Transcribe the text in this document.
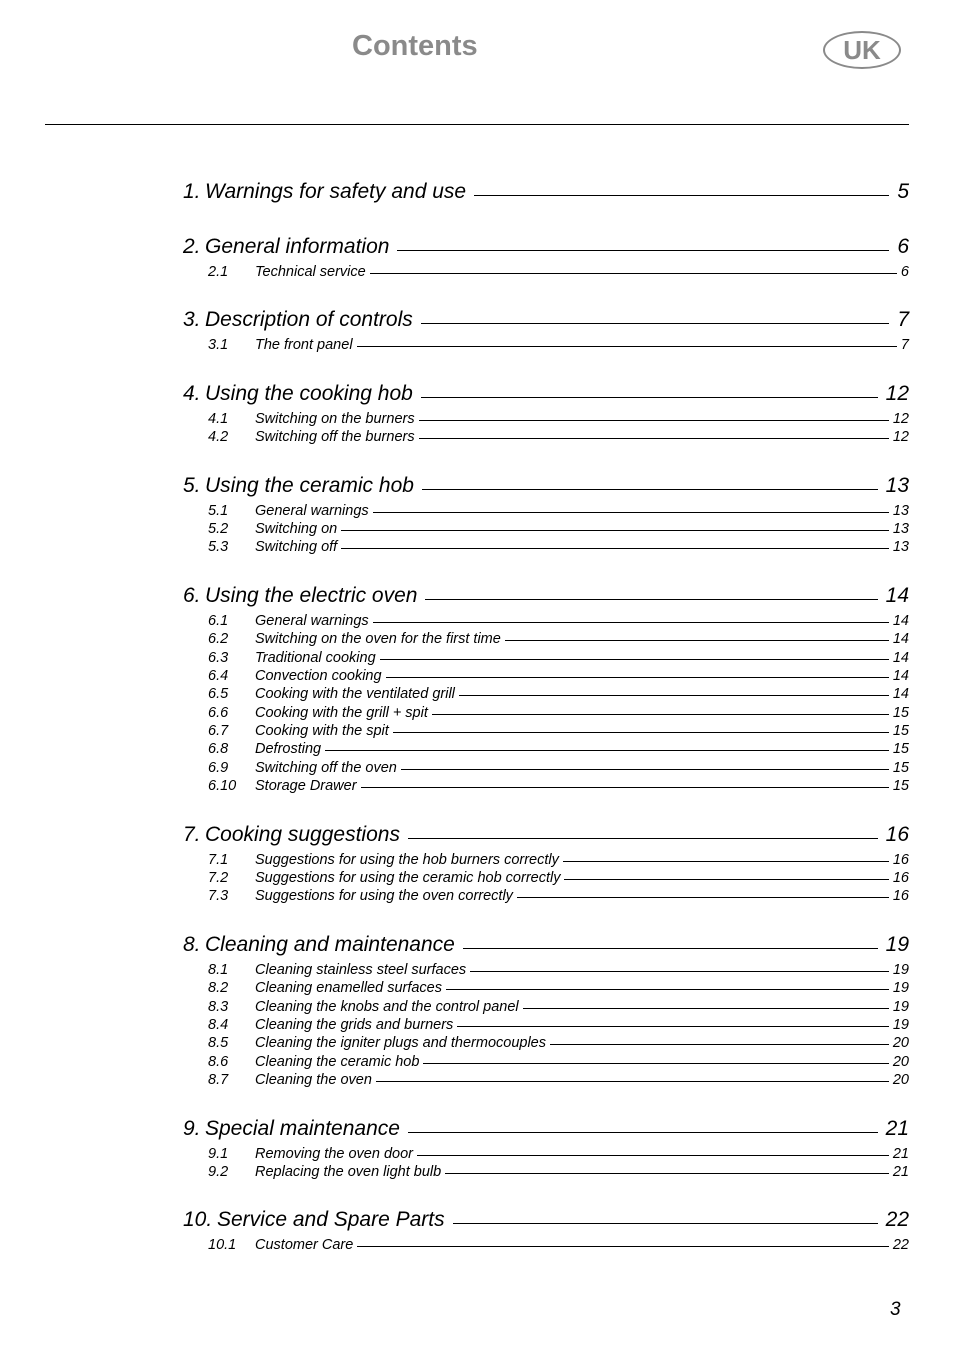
Contents	UK
1. Warnings for safety and use	5
2. General information	6
2.1	Technical service	6
3. Description of controls	7
3.1	The front panel	7
4. Using the cooking hob	12
4.1	Switching on the burners	12
4.2	Switching off the burners	12
5. Using the ceramic hob	13
5.1	General warnings	13
5.2	Switching on	13
5.3	Switching off	13
6. Using the electric oven	14
6.1	General warnings	14
6.2	Switching on the oven for the first time	14
6.3	Traditional cooking	14
6.4	Convection cooking	14
6.5	Cooking with the ventilated grill	14
6.6	Cooking with the grill + spit	15
6.7	Cooking with the spit	15
6.8	Defrosting	15
6.9	Switching off the oven	15
6.10	Storage Drawer	15
7. Cooking suggestions	16
7.1	Suggestions for using the hob burners correctly	16
7.2	Suggestions for using the ceramic hob correctly	16
7.3	Suggestions for using the oven correctly	16
8. Cleaning and maintenance	19
8.1	Cleaning stainless steel surfaces	19
8.2	Cleaning enamelled surfaces	19
8.3	Cleaning the knobs and the control panel	19
8.4	Cleaning the grids and burners	19
8.5	Cleaning the igniter plugs and thermocouples	20
8.6	Cleaning the ceramic hob	20
8.7	Cleaning the oven	20
9. Special maintenance	21
9.1	Removing the oven door	21
9.2	Replacing the oven light bulb	21
10. Service and Spare Parts	22
10.1	Customer Care	22
3
